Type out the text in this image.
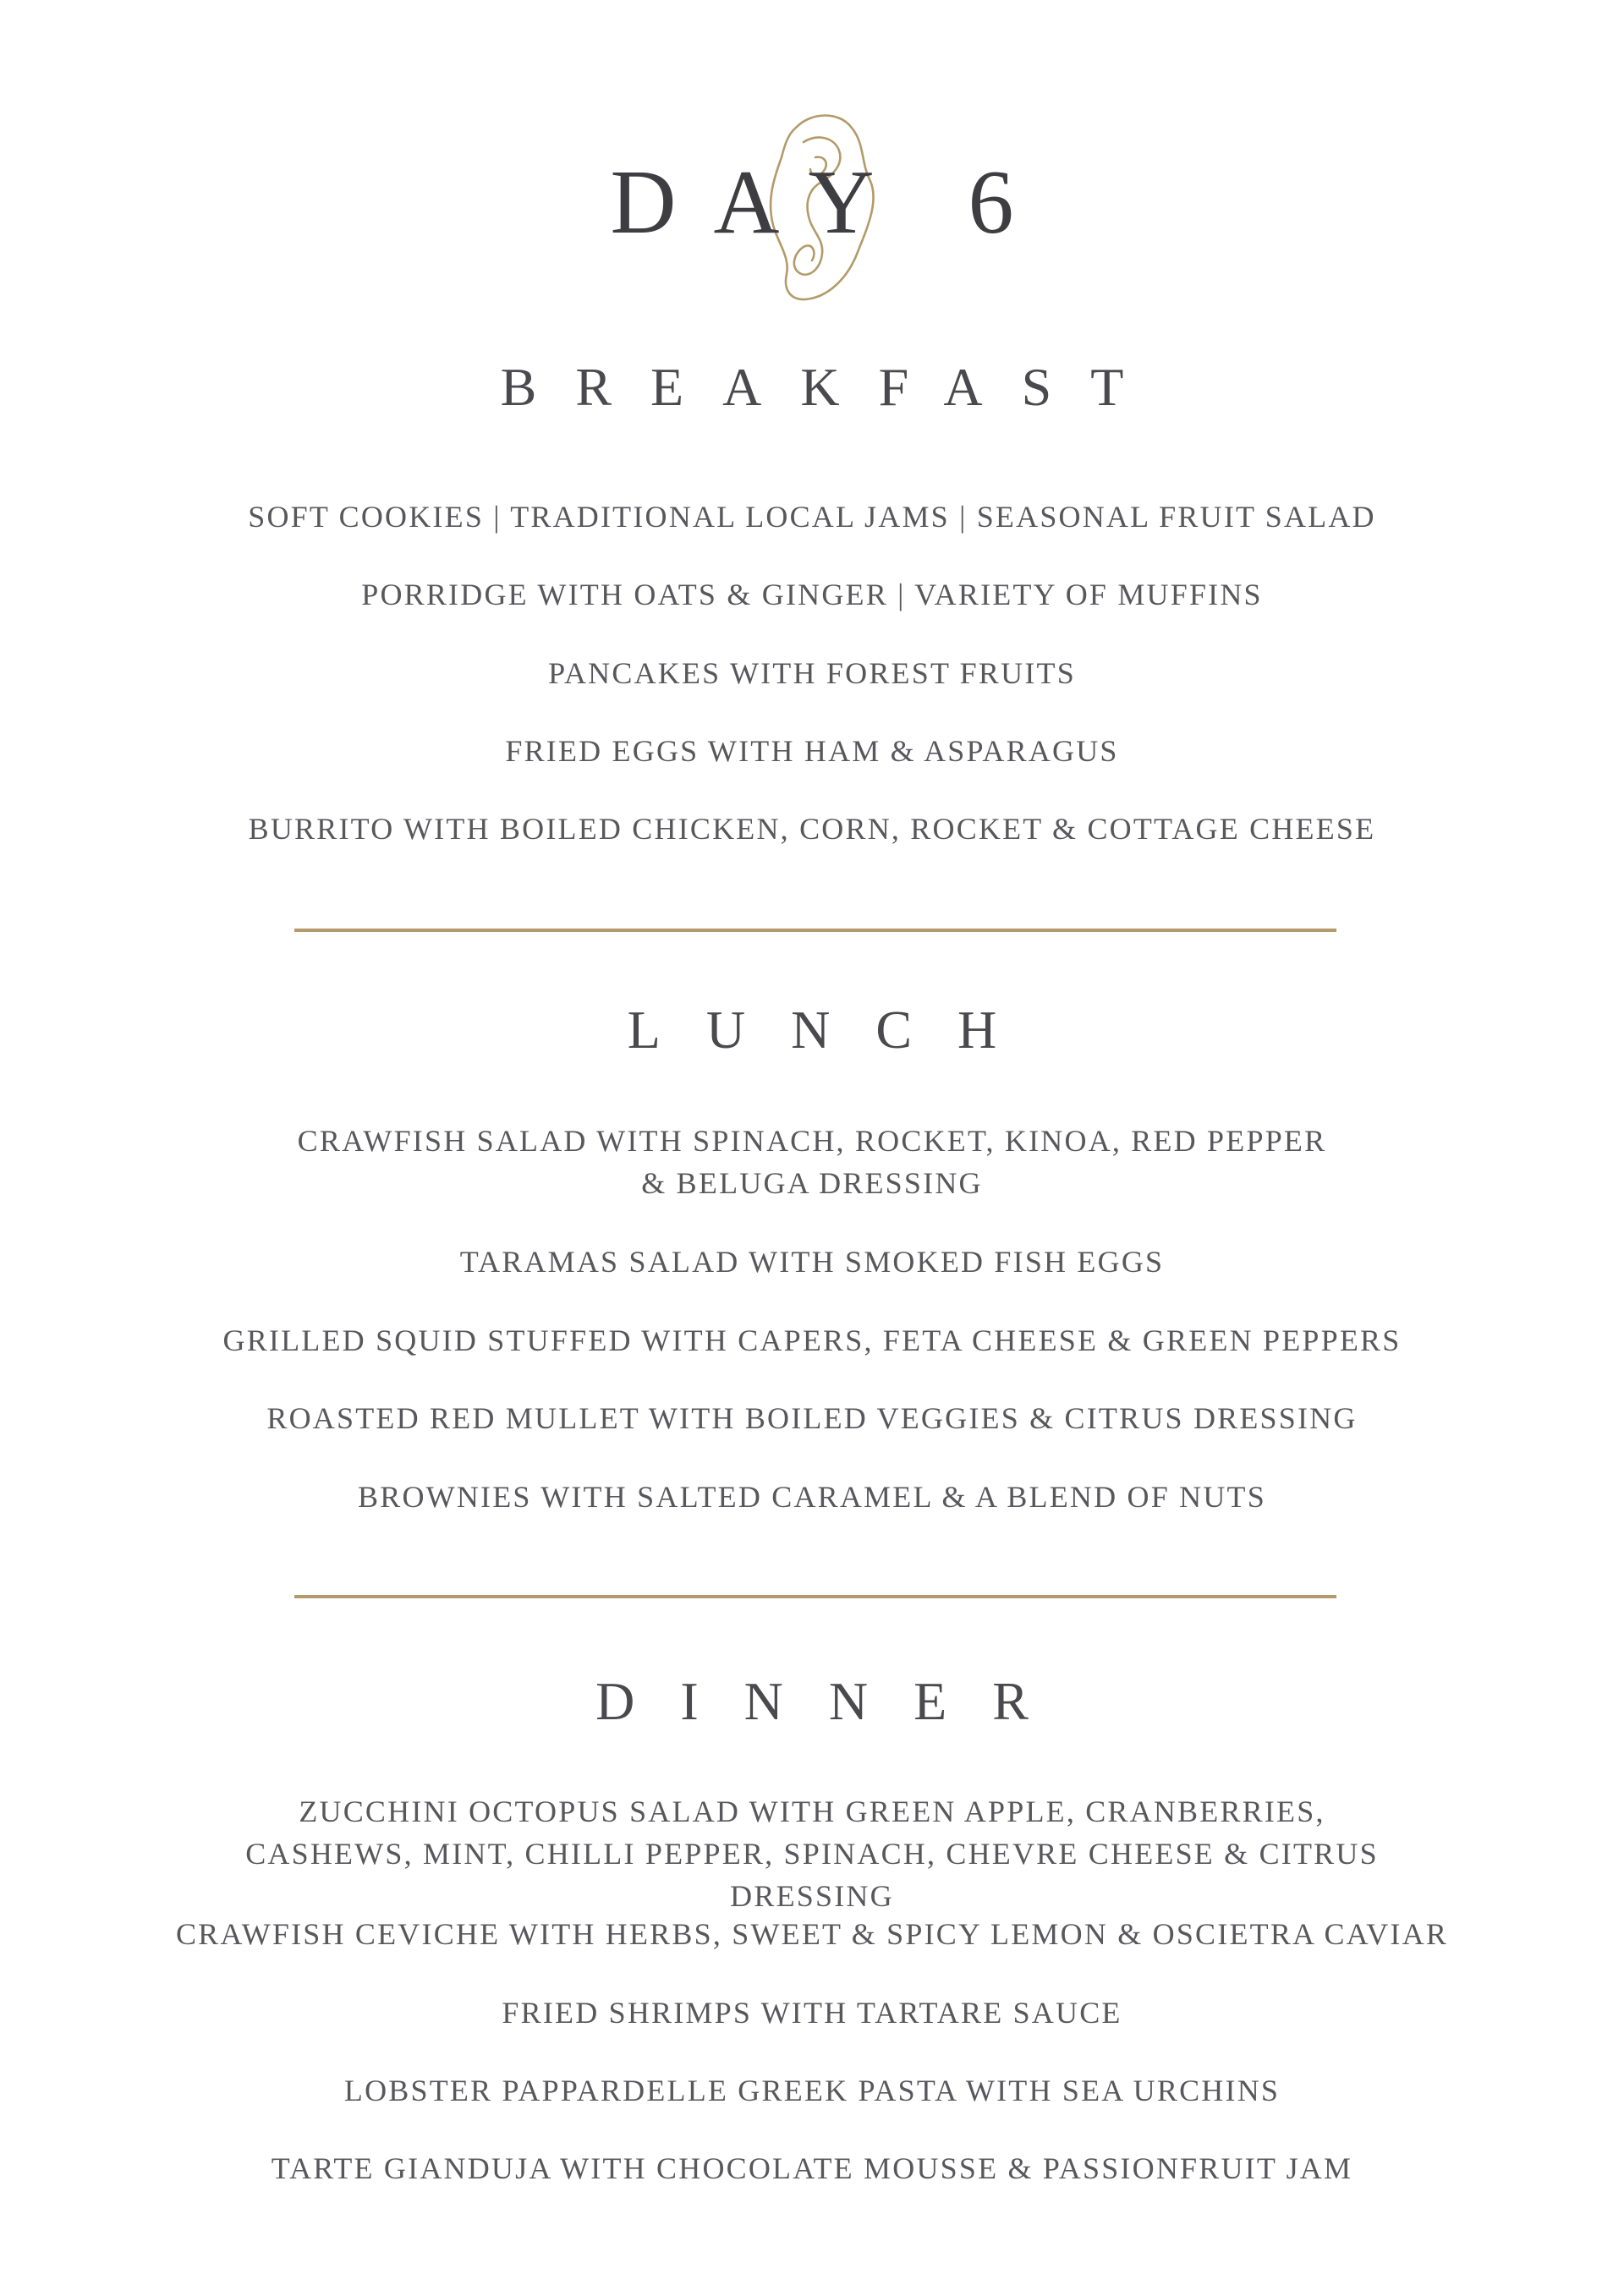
DAY 6
BREAKFAST
SOFT COOKIES | TRADITIONAL LOCAL JAMS | SEASONAL FRUIT SALAD
PORRIDGE WITH OATS & GINGER | VARIETY OF MUFFINS
PANCAKES WITH FOREST FRUITS
FRIED EGGS WITH HAM & ASPARAGUS
BURRITO WITH BOILED CHICKEN, CORN, ROCKET & COTTAGE CHEESE
LUNCH
CRAWFISH SALAD WITH SPINACH, ROCKET, KINOA, RED PEPPER
& BELUGA DRESSING
TARAMAS SALAD WITH SMOKED FISH EGGS
GRILLED SQUID STUFFED WITH CAPERS, FETA CHEESE & GREEN PEPPERS
ROASTED RED MULLET WITH BOILED VEGGIES & CITRUS DRESSING
BROWNIES WITH SALTED CARAMEL & A BLEND OF NUTS
DINNER
ZUCCHINI OCTOPUS SALAD WITH GREEN APPLE, CRANBERRIES,
CASHEWS, MINT, CHILLI PEPPER, SPINACH, CHEVRE CHEESE & CITRUS
DRESSING
CRAWFISH CEVICHE WITH HERBS, SWEET & SPICY LEMON & OSCIETRA CAVIAR
FRIED SHRIMPS WITH TARTARE SAUCE
LOBSTER PAPPARDELLE GREEK PASTA WITH SEA URCHINS
TARTE GIANDUJA WITH CHOCOLATE MOUSSE & PASSIONFRUIT JAM
